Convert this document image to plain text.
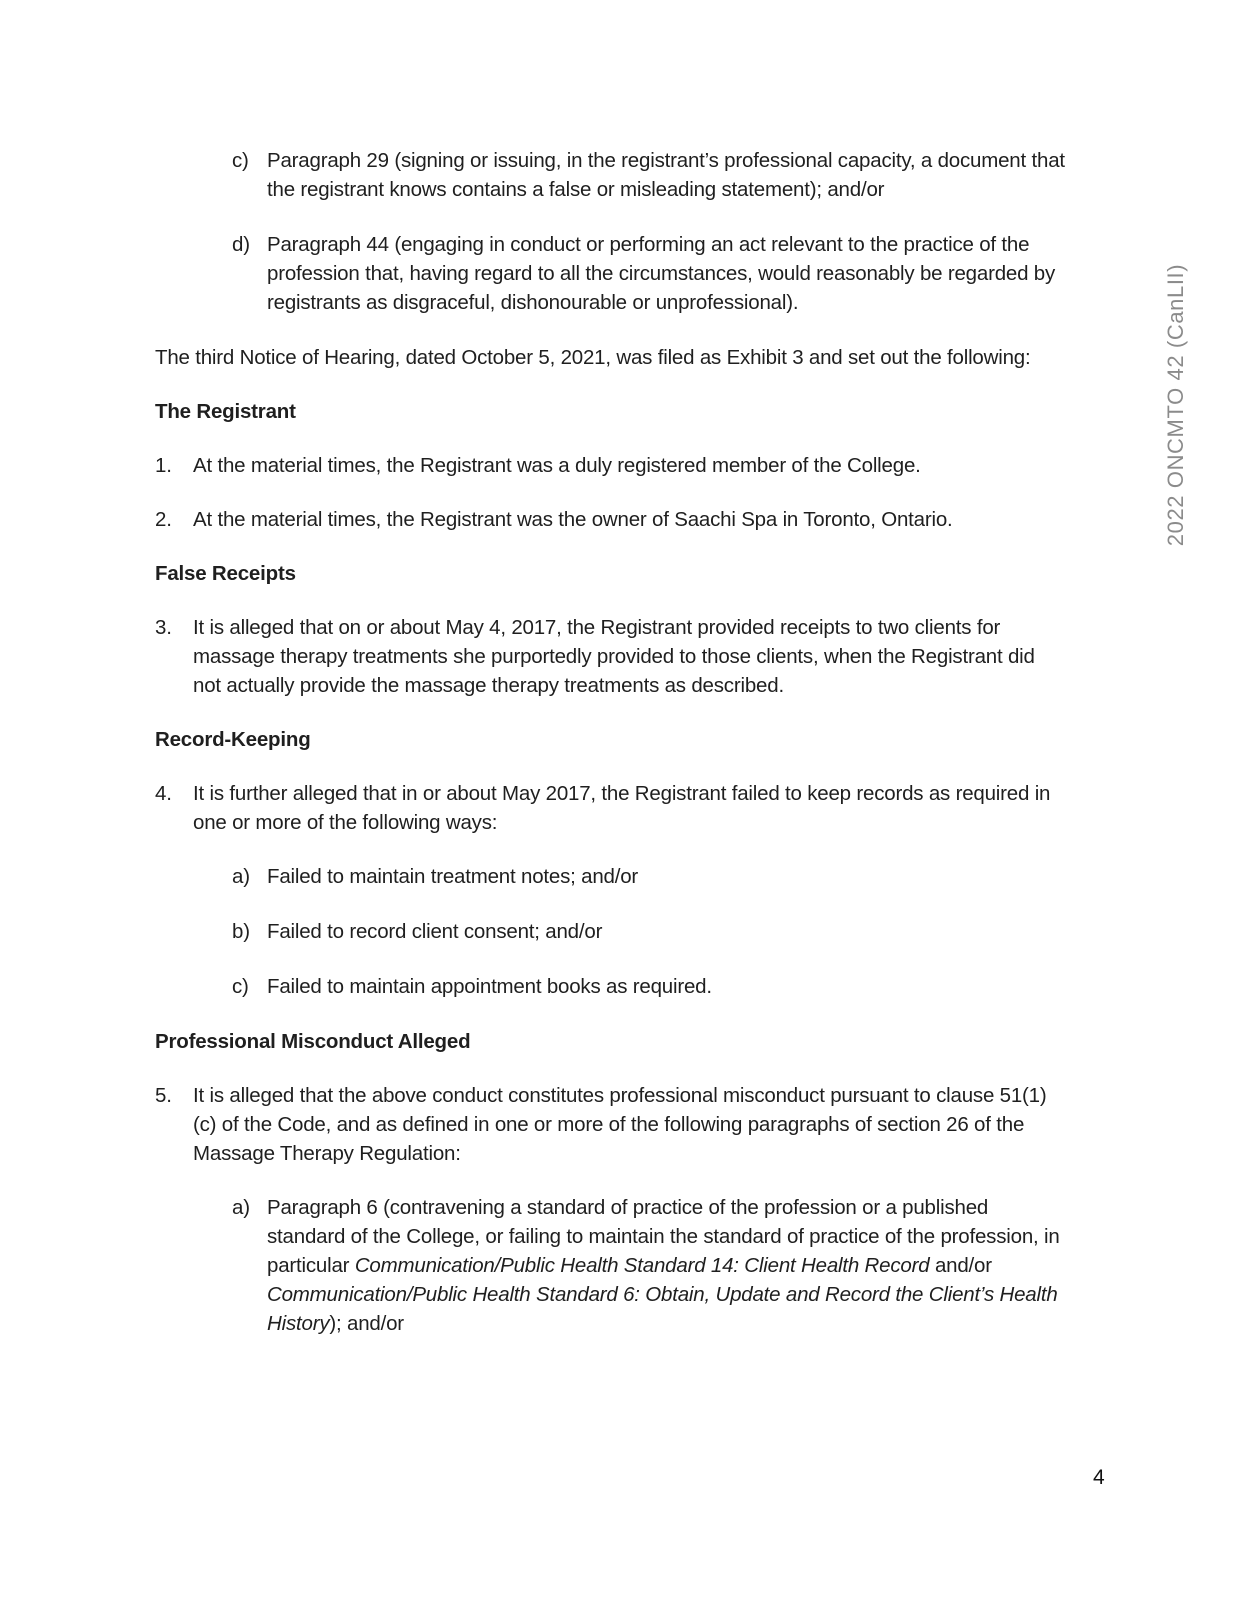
c) Paragraph 29 (signing or issuing, in the registrant’s professional capacity, a document that the registrant knows contains a false or misleading statement); and/or
d) Paragraph 44 (engaging in conduct or performing an act relevant to the practice of the profession that, having regard to all the circumstances, would reasonably be regarded by registrants as disgraceful, dishonourable or unprofessional).

The third Notice of Hearing, dated October 5, 2021, was filed as Exhibit 3 and set out the following:

The Registrant
1.	At the material times, the Registrant was a duly registered member of the College.
2.	At the material times, the Registrant was the owner of Saachi Spa in Toronto, Ontario.
False Receipts
3.	It is alleged that on or about May 4, 2017, the Registrant provided receipts to two clients for massage therapy treatments she purportedly provided to those clients, when the Registrant did not actually provide the massage therapy treatments as described.
Record-Keeping
4.	It is further alleged that in or about May 2017, the Registrant failed to keep records as required in one or more of the following ways:
a) Failed to maintain treatment notes; and/or
b) Failed to record client consent; and/or
c) Failed to maintain appointment books as required.
Professional Misconduct Alleged
5.	It is alleged that the above conduct constitutes professional misconduct pursuant to clause 51(1)(c) of the Code, and as defined in one or more of the following paragraphs of section 26 of the Massage Therapy Regulation:
a) Paragraph 6 (contravening a standard of practice of the profession or a published standard of the College, or failing to maintain the standard of practice of the profession, in particular Communication/Public Health Standard 14: Client Health Record and/or Communication/Public Health Standard 6: Obtain, Update and Record the Client’s Health History); and/or
2022 ONCMTO 42 (CanLII)
4
